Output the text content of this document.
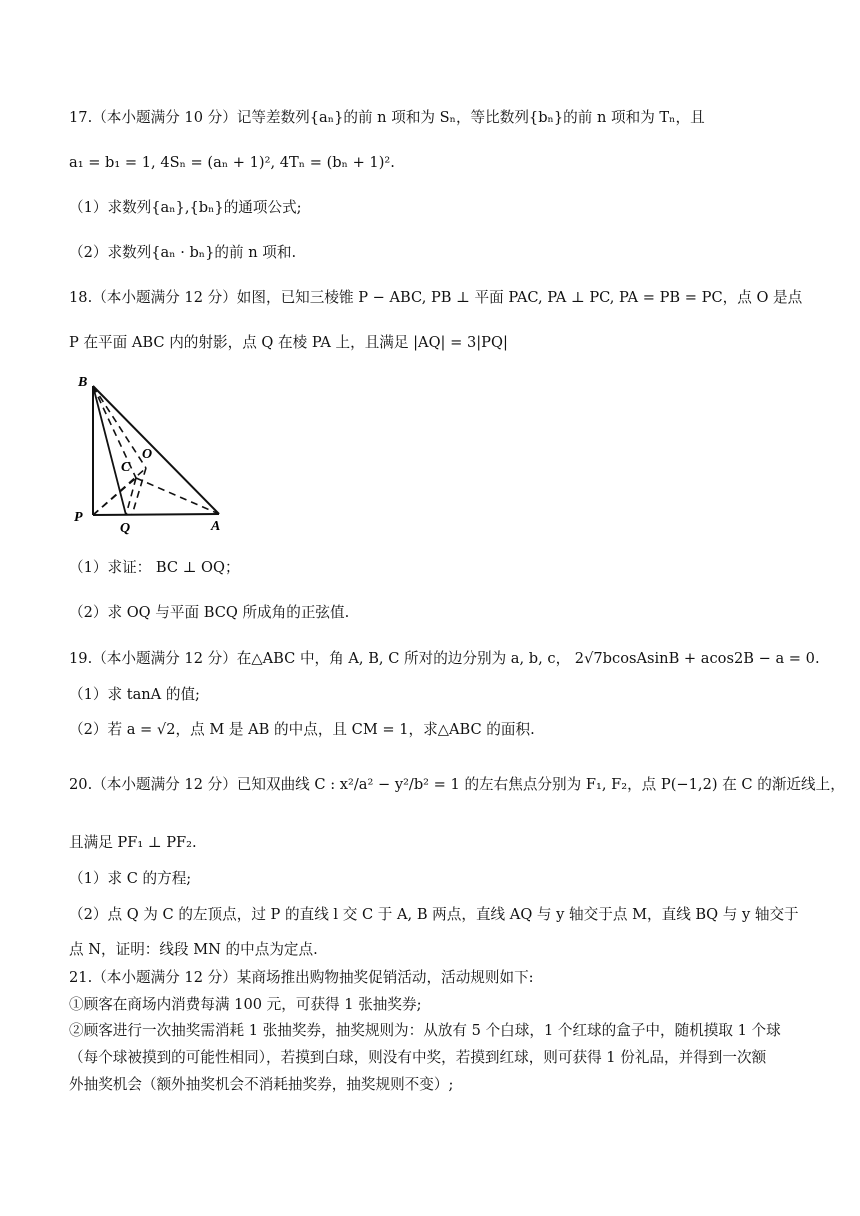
17.（本小题满分 10 分）记等差数列{aₙ}的前 n 项和为 Sₙ，等比数列{bₙ}的前 n 项和为 Tₙ，且
a₁ = b₁ = 1, 4Sₙ = (aₙ + 1)², 4Tₙ = (bₙ + 1)².
（1）求数列{aₙ},{bₙ}的通项公式;
（2）求数列{aₙ · bₙ}的前 n 项和.
18.（本小题满分 12 分）如图，已知三棱锥 P − ABC, PB ⊥ 平面 PAC, PA ⊥ PC, PA = PB = PC，点 O 是点
P 在平面 ABC 内的射影，点 Q 在棱 PA 上，且满足 |AQ| = 3|PQ|
B
C
O
P
Q	A
（1）求证： BC ⊥ OQ；
（2）求 OQ 与平面 BCQ 所成角的正弦值.
19.（本小题满分 12 分）在△ABC 中，角 A, B, C 所对的边分别为 a, b, c， 2√7bcosAsinB + acos2B − a = 0.
（1）求 tanA 的值;
（2）若 a = √2，点 M 是 AB 的中点，且 CM = 1，求△ABC 的面积.
20.（本小题满分 12 分）已知双曲线 C : x²/a² − y²/b² = 1 的左右焦点分别为 F₁, F₂，点 P(−1,2) 在 C 的渐近线上，
且满足 PF₁ ⊥ PF₂.
（1）求 C 的方程;
（2）点 Q 为 C 的左顶点，过 P 的直线 l 交 C 于 A, B 两点，直线 AQ 与 y 轴交于点 M，直线 BQ 与 y 轴交于
点 N，证明：线段 MN 的中点为定点.
21.（本小题满分 12 分）某商场推出购物抽奖促销活动，活动规则如下:
①顾客在商场内消费每满 100 元，可获得 1 张抽奖券;
②顾客进行一次抽奖需消耗 1 张抽奖券，抽奖规则为：从放有 5 个白球，1 个红球的盒子中，随机摸取 1 个球
（每个球被摸到的可能性相同），若摸到白球，则没有中奖，若摸到红球，则可获得 1 份礼品，并得到一次额
外抽奖机会（额外抽奖机会不消耗抽奖券，抽奖规则不变）;
